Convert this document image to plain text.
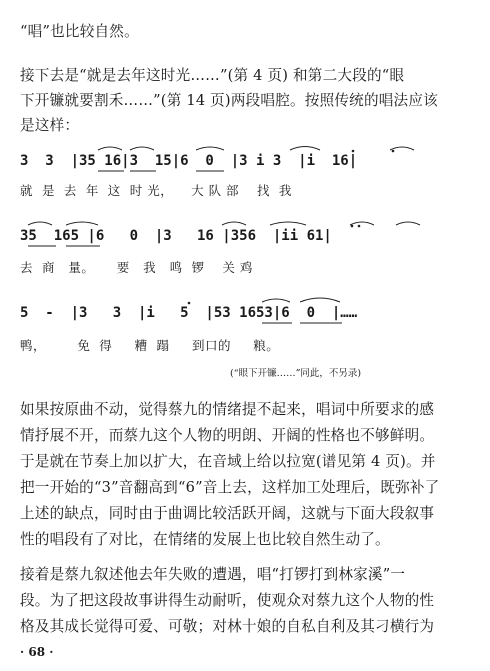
“唱”也比较自然。
接下去是“就是去年这时光……”(第 4 页) 和第二大段的“眼
下开镰就要割禾……”(第 14 页)两段唱腔。按照传统的唱法应该
是这样：
3  3  |35 16|3  15|6  0  |3 i 3  |i  16|
就  是  去  年  这  时 光，    大 队 部    找  我
35  165 |6   0  |3   16 |356  |ii 61|
去  商   量。     要   我   鸣  锣    关 鸡
5  -  |3   3  |i   5  |53 1653|6  0  |……
鸭，       免  得     糟  蹋     到口的     粮。
(“眼下开镰……”同此，不另录)
如果按原曲不动，觉得蔡九的情绪提不起来，唱词中所要求的感
情抒展不开，而蔡九这个人物的明朗、开阔的性格也不够鲜明。
于是就在节奏上加以扩大，在音域上给以拉宽(谱见第 4 页)。并
把一开始的“3”音翻高到“6”音上去，这样加工处理后，既弥补了
上述的缺点，同时由于曲调比较活跃开阔，这就与下面大段叙事
性的唱段有了对比，在情绪的发展上也比较自然生动了。
接着是蔡九叙述他去年失败的遭遇，唱“打锣打到林家溪”一
段。为了把这段故事讲得生动耐听，使观众对蔡九这个人物的性
格及其成长觉得可爱、可敬；对林十娘的自私自利及其刁横行为
· 68 ·
